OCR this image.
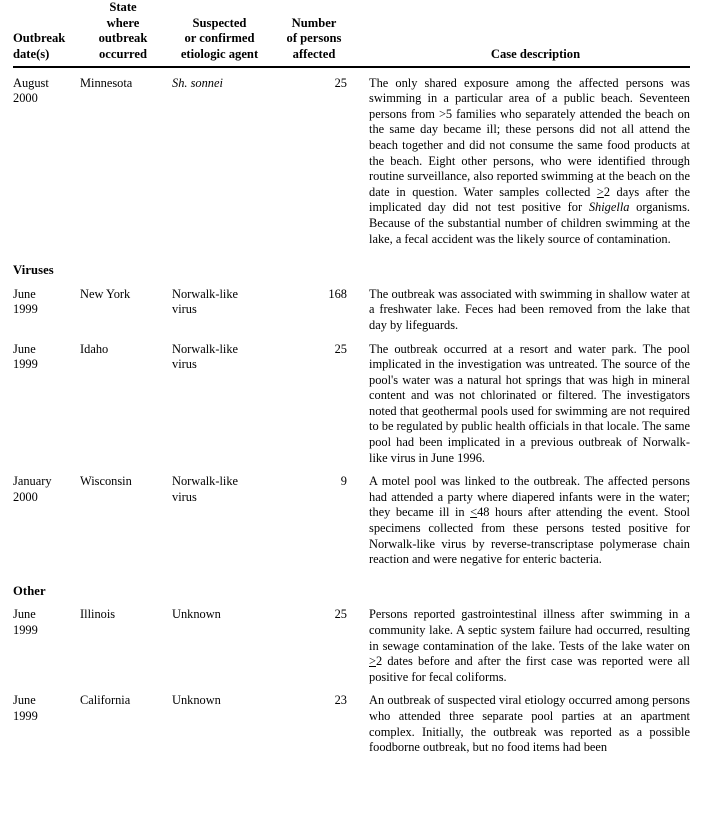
Outbreak
date(s)	State
where
outbreak
occurred	Suspected
or confirmed
etiologic agent	Number
of persons
affected		Case description

August
2000	Minnesota	Sh. sonnei	25		The only shared exposure among the affected persons was swimming in a particular area of a public beach. Seventeen persons from >5 families who separately attended the beach on the same day became ill; these persons did not all attend the beach together and did not consume the same food products at the beach. Eight other persons, who were identified through routine surveillance, also reported swimming at the beach on the date in question. Water samples collected >2 days after the implicated day did not test positive for Shigella organisms. Because of the substantial number of children swimming at the lake, a fecal accident was the likely source of contamination.
Viruses					
June
1999	New York	Norwalk-like
virus	168		The outbreak was associated with swimming in shallow water at a freshwater lake. Feces had been removed from the lake that day by lifeguards.
June
1999	Idaho	Norwalk-like
virus	25		The outbreak occurred at a resort and water park. The pool implicated in the investigation was untreated. The source of the pool's water was a natural hot springs that was high in mineral content and was not chlorinated or filtered. The investigators noted that geothermal pools used for swimming are not required to be regulated by public health officials in that locale. The same pool had been implicated in a previous outbreak of Norwalk-like virus in June 1996.
January
2000	Wisconsin	Norwalk-like
virus	9		A motel pool was linked to the outbreak. The affected persons had attended a party where diapered infants were in the water; they became ill in <48 hours after attending the event. Stool specimens collected from these persons tested positive for Norwalk-like virus by reverse-transcriptase polymerase chain reaction and were negative for enteric bacteria.
Other					
June
1999	Illinois	Unknown	25		Persons reported gastrointestinal illness after swimming in a community lake. A septic system failure had occurred, resulting in sewage contamination of the lake. Tests of the lake water on >2 dates before and after the first case was reported were all positive for fecal coliforms.
June
1999	California	Unknown	23		An outbreak of suspected viral etiology occurred among persons who attended three separate pool parties at an apartment complex. Initially, the outbreak was reported as a possible foodborne outbreak, but no food items had been
